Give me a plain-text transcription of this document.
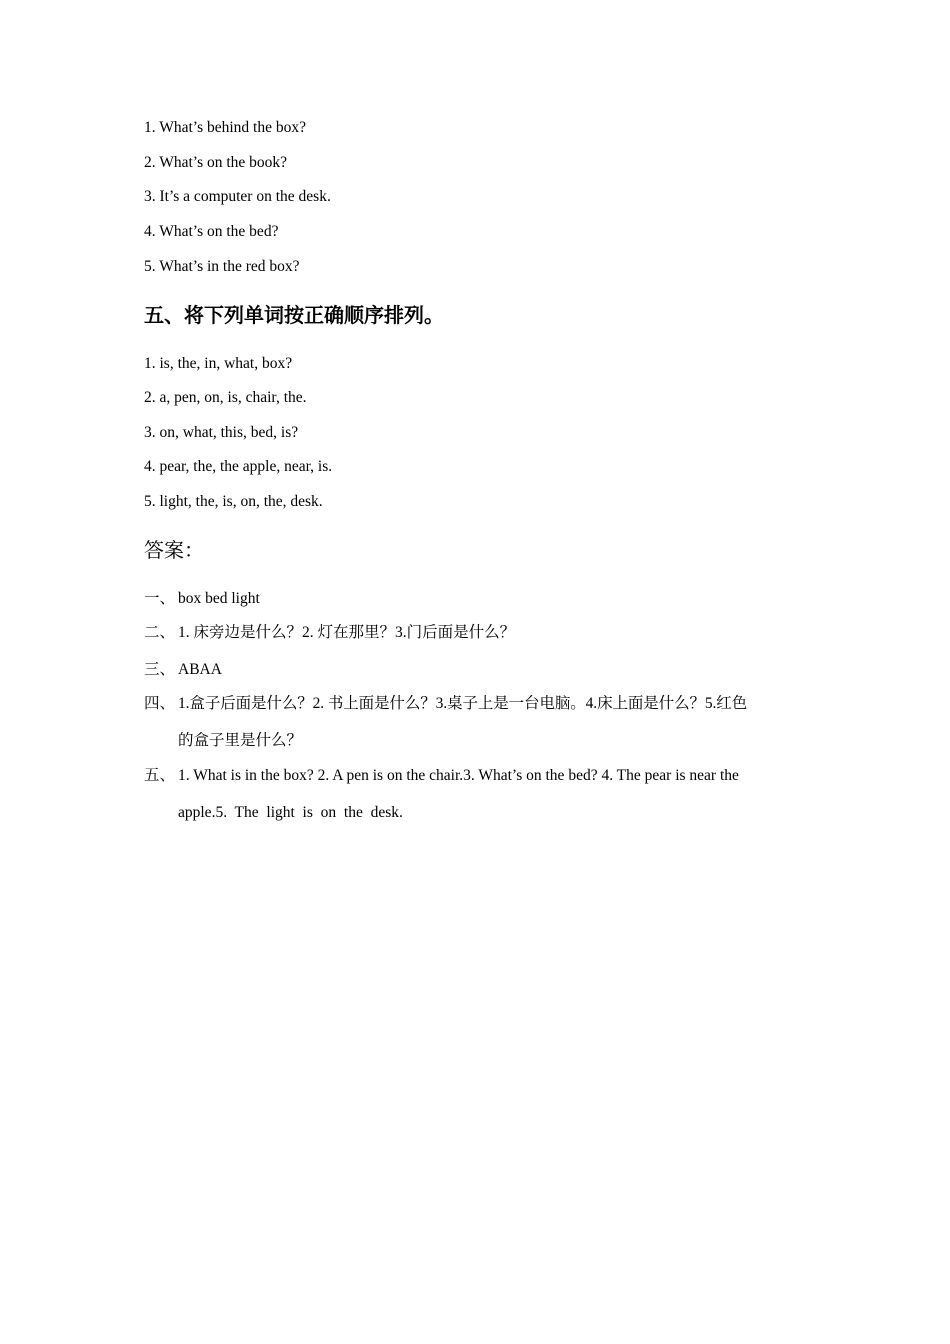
1. What’s behind the box?
2. What’s on the book?
3. It’s a computer on the desk.
4. What’s on the bed?
5. What’s in the red box?
五、将下列单词按正确顺序排列。
1. is, the, in, what, box?
2. a, pen, on, is, chair, the.
3. on, what, this, bed, is?
4. pear, the, the apple, near, is.
5. light, the, is, on, the, desk.
答案：
一、 box bed light
二、 1. 床旁边是什么？2. 灯在那里？3.门后面是什么？
三、 ABAA
四、 1.盒子后面是什么？2. 书上面是什么？3.桌子上是一台电脑。4.床上面是什么？5.红色
的盒子里是什么？
五、 1. What is in the box? 2. A pen is on the chair.3. What’s on the bed? 4. The pear is near the
apple.5.  The  light  is  on  the  desk.
